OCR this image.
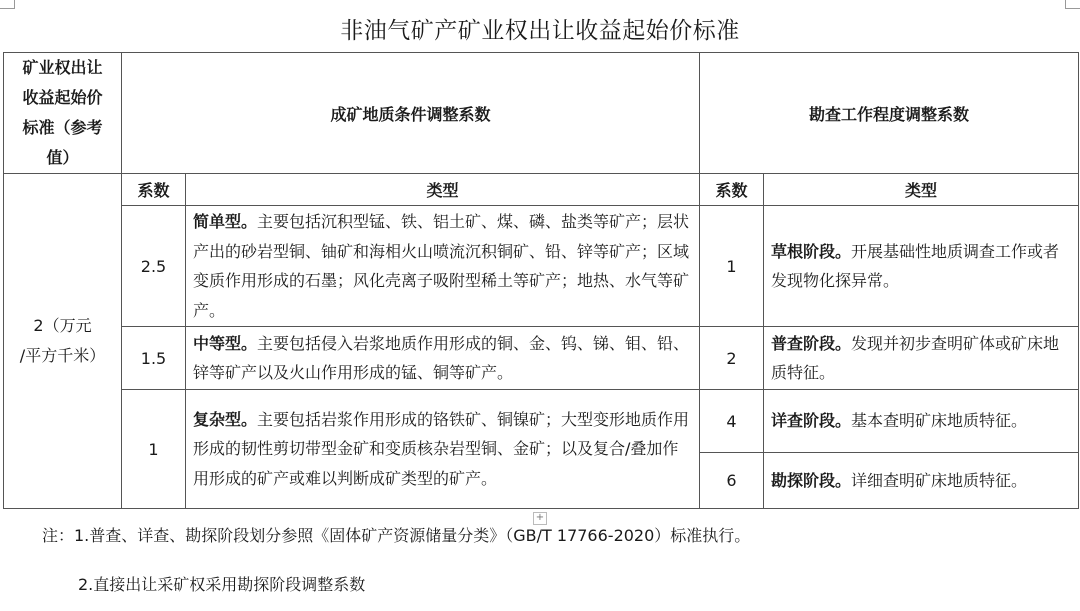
非油气矿产矿业权出让收益起始价标准
矿业权出让
收益起始价
标准（参考
值）	成矿地质条件调整系数		勘查工作程度调整系数	

2（万元
/平方千米）	系数	类型	系数	类型
	2.5	简单型。主要包括沉积型锰、铁、铝土矿、煤、磷、盐类等矿产；层状产出的砂岩型铜、铀矿和海相火山喷流沉积铜矿、铅、锌等矿产；区域变质作用形成的石墨；风化壳离子吸附型稀土等矿产；地热、水气等矿产。	1	草根阶段。开展基础性地质调查工作或者发现物化探异常。
	1.5	中等型。主要包括侵入岩浆地质作用形成的铜、金、钨、锑、钼、铅、锌等矿产以及火山作用形成的锰、铜等矿产。	2	普查阶段。发现并初步查明矿体或矿床地质特征。
	1	复杂型。主要包括岩浆作用形成的铬铁矿、铜镍矿；大型变形地质作用形成的韧性剪切带型金矿和变质核杂岩型铜、金矿；以及复合/叠加作用形成的矿产或难以判断成矿类型的矿产。	4	详查阶段。基本查明矿床地质特征。
			6	勘探阶段。详细查明矿床地质特征。
+
注：1.普查、详查、勘探阶段划分参照《固体矿产资源储量分类》（GB/T 17766-2020）标准执行。
2.直接出让采矿权采用勘探阶段调整系数
